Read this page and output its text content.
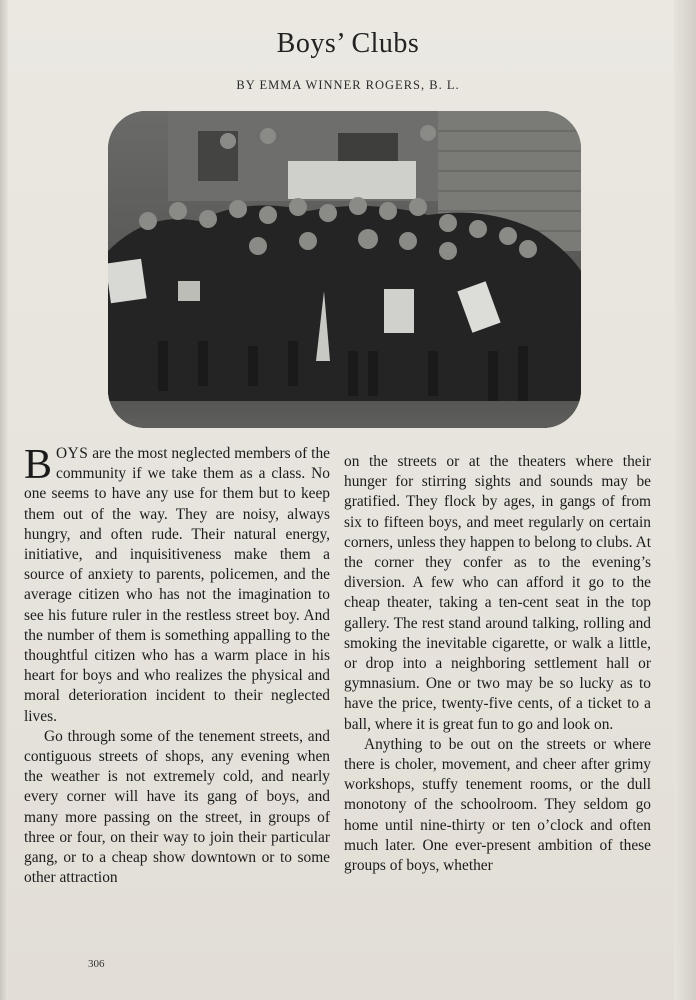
Boys’ Clubs
BY EMMA WINNER ROGERS, B. L.

BOYS are the most neglected members of the community if we take them as a class. No one seems to have any use for them but to keep them out of the way. They are noisy, always hungry, and often rude. Their natural energy, initiative, and inquisitiveness make them a source of anxiety to parents, policemen, and the average citizen who has not the imagination to see his future ruler in the restless street boy. And the number of them is something appalling to the thoughtful citizen who has a warm place in his heart for boys and who realizes the physical and moral deterioration incident to their neglected lives.

Go through some of the tenement streets, and contiguous streets of shops, any evening when the weather is not extremely cold, and nearly every corner will have its gang of boys, and many more passing on the street, in groups of three or four, on their way to join their particular gang, or to a cheap show downtown or to some other attraction

on the streets or at the theaters where their hunger for stirring sights and sounds may be gratified. They flock by ages, in gangs of from six to fifteen boys, and meet regularly on certain corners, unless they happen to belong to clubs. At the corner they confer as to the evening’s diversion. A few who can afford it go to the cheap theater, taking a ten-cent seat in the top gallery. The rest stand around talking, rolling and smoking the inevitable cigarette, or walk a little, or drop into a neighboring settlement hall or gymnasium. One or two may be so lucky as to have the price, twenty-five cents, of a ticket to a ball, where it is great fun to go and look on.

Anything to be out on the streets or where there is choler, movement, and cheer after grimy workshops, stuffy tenement rooms, or the dull monotony of the schoolroom. They seldom go home until nine-thirty or ten o’clock and often much later. One ever-present ambition of these groups of boys, whether

306
